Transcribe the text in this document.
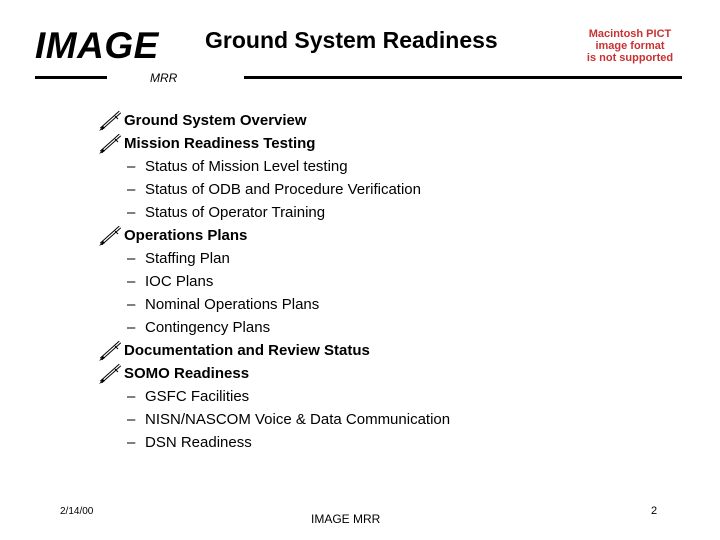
IMAGE Ground System Readiness	Macintosh PICT
image format
is not supported
MRR
Ground System Overview
Mission Readiness Testing
– Status of Mission Level testing
– Status of ODB and Procedure Verification
– Status of Operator Training
Operations Plans
– Staffing Plan
– IOC Plans
– Nominal Operations Plans
– Contingency Plans
Documentation and Review Status
SOMO Readiness
– GSFC Facilities
– NISN/NASCOM Voice & Data Communication
– DSN Readiness
2/14/00
IMAGE MRR
2
